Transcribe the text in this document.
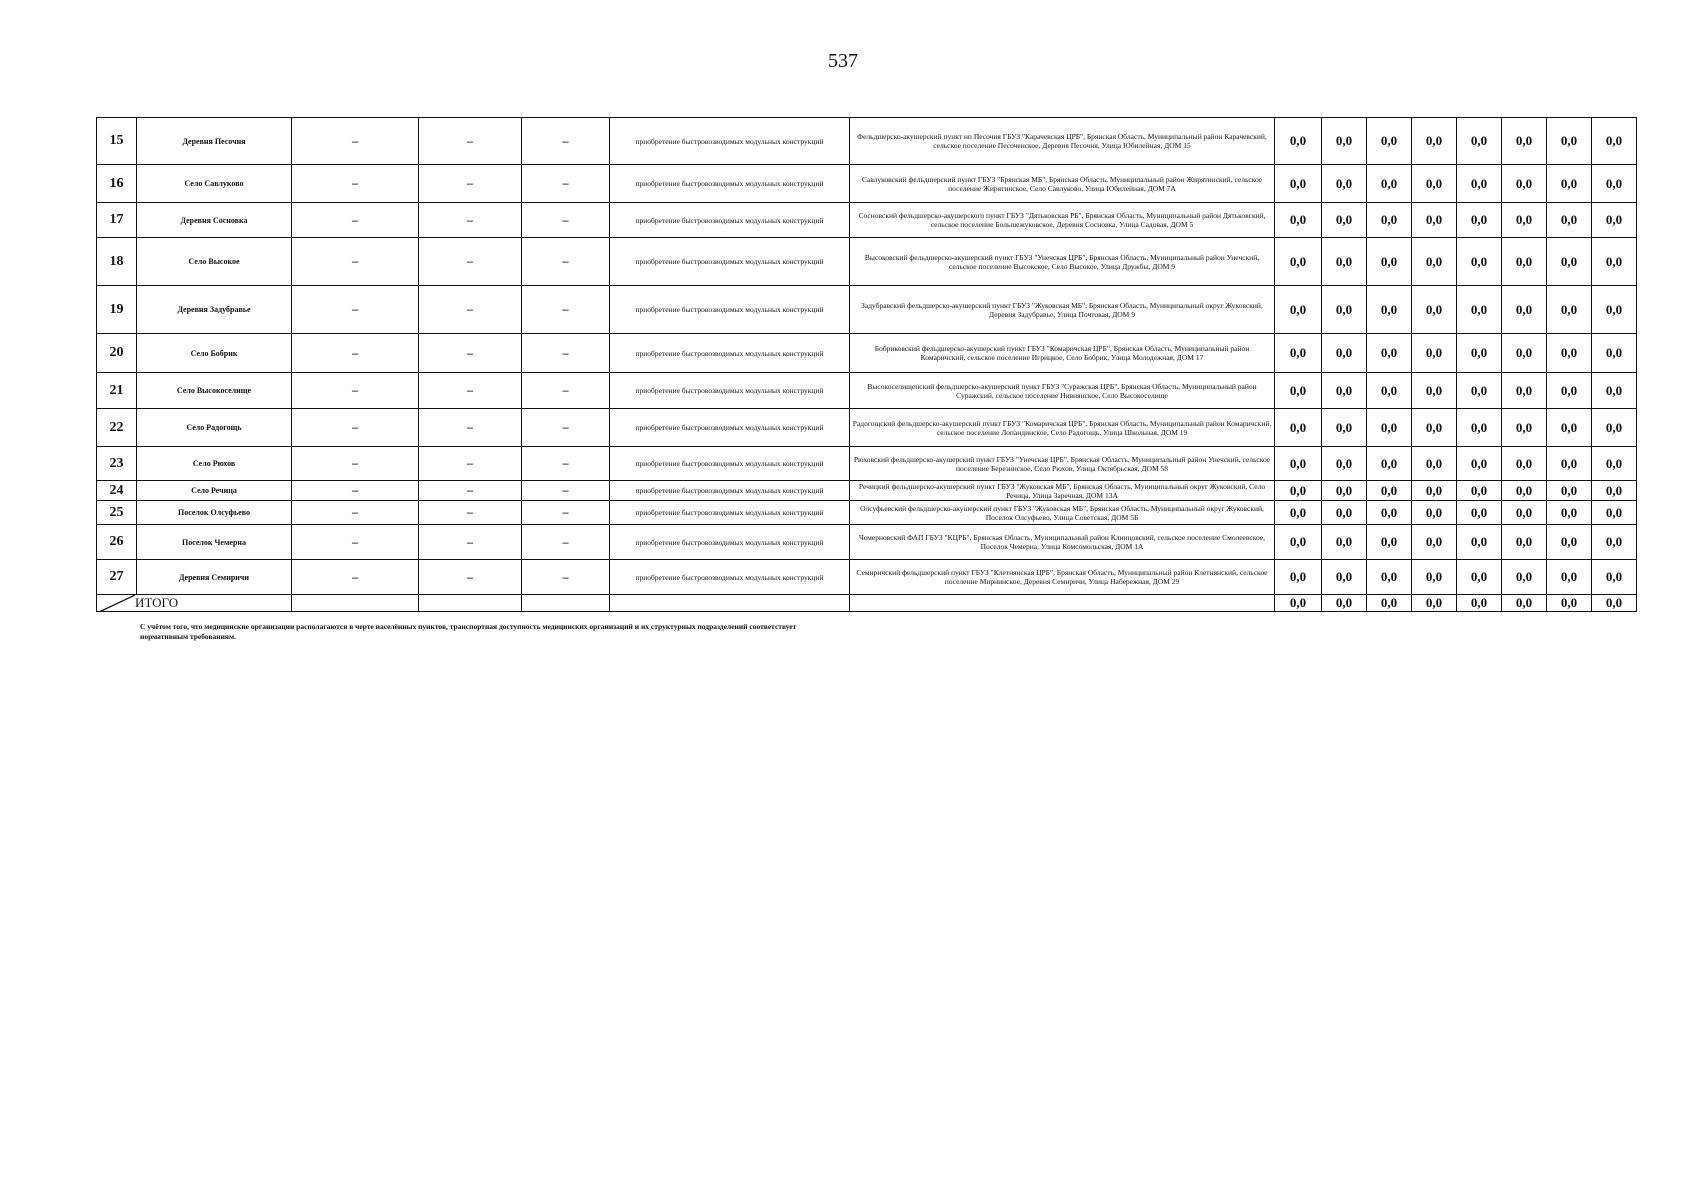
537
15	Деревня Песочня	–	–	–	приобретение быстровозводимых модульных конструкций	Фельдшерско-акушерский пункт нп Песочня ГБУЗ "Карачевская ЦРБ", Брянская Область, Муниципальный район Карачевский, сельское поселение Песоченское, Деревня Песочня, Улица Юбилейная, ДОМ 15	0,0	0,0	0,0	0,0	0,0	0,0	0,0	0,0
16	Село Савлуково	–	–	–	приобретение быстровозводимых модульных конструкций	Савлуковский фельдшерский пункт ГБУЗ "Брянская МБ", Брянская Область, Муниципальный район Жирятинский, сельское поселение Жирятинское, Село Савлуково, Улица Юбилейная, ДОМ 7А	0,0	0,0	0,0	0,0	0,0	0,0	0,0	0,0
17	Деревня Сосновка	–	–	–	приобретение быстровозводимых модульных конструкций	Сосновский фельдшерско-акушерского пункт ГБУЗ "Дятьковская РБ", Брянская Область, Муниципальный район Дятьковский, сельское поселение Большежуковское, Деревня Сосновка, Улица Садовая, ДОМ 5	0,0	0,0	0,0	0,0	0,0	0,0	0,0	0,0
18	Село Высокое	–	–	–	приобретение быстровозводимых модульных конструкций	Высоковский фельдшерско-акушерский пункт ГБУЗ "Унечская ЦРБ", Брянская Область, Муниципальный район Унечский, сельское поселение Высокское, Село Высокое, Улица Дружбы, ДОМ 9	0,0	0,0	0,0	0,0	0,0	0,0	0,0	0,0
19	Деревня Задубравье	–	–	–	приобретение быстровозводимых модульных конструкций	Задубравский фельдшерско-акушерский пункт ГБУЗ "Жуковская МБ", Брянская Область, Муниципальный округ Жуковский, Деревня Задубравье, Улица Почтовая, ДОМ 9	0,0	0,0	0,0	0,0	0,0	0,0	0,0	0,0
20	Село Бобрик	–	–	–	приобретение быстровозводимых модульных конструкций	Бобриковский фельдшерско-акушерский пункт ГБУЗ "Комаричская ЦРБ", Брянская Область, Муниципальный район Комаричский, сельское поселение Игрицкое, Село Бобрик, Улица Молодежная, ДОМ 17	0,0	0,0	0,0	0,0	0,0	0,0	0,0	0,0
21	Село Высокоселище	–	–	–	приобретение быстровозводимых модульных конструкций	Высокоселищенский фельдшерско-акушерский пункт ГБУЗ "Суражская ЦРБ", Брянская Область, Муниципальный район Суражский, сельское поселение Нивнянское, Село Высокоселище	0,0	0,0	0,0	0,0	0,0	0,0	0,0	0,0
22	Село Радогощь	–	–	–	приобретение быстровозводимых модульных конструкций	Радогощский фельдшерско-акушерский пункт ГБУЗ "Комаричская ЦРБ", Брянская Область, Муниципальный район Комаричский, сельское поселение Лопандинское, Село Радогощь, Улица Школьная, ДОМ 19	0,0	0,0	0,0	0,0	0,0	0,0	0,0	0,0
23	Село Рюхов	–	–	–	приобретение быстровозводимых модульных конструкций	Рюховский фельдшерско-акушерский пункт ГБУЗ "Унечская ЦРБ", Брянская Область, Муниципальный район Унечский, сельское поселение Березинское, Село Рюхов, Улица Октябрьская, ДОМ 58	0,0	0,0	0,0	0,0	0,0	0,0	0,0	0,0
24	Село Речица	–	–	–	приобретение быстровозводимых модульных конструкций	Речицкий фельдшерско-акушерский пункт ГБУЗ "Жуковская МБ", Брянская Область, Муниципальный округ Жуковский, Село Речица, Улица Заречная, ДОМ 13А	0,0	0,0	0,0	0,0	0,0	0,0	0,0	0,0
25	Поселок Олсуфьево	–	–	–	приобретение быстровозводимых модульных конструкций	Олсуфьевский фельдшерско-акушерский пункт ГБУЗ "Жуковская МБ", Брянская Область, Муниципальный округ Жуковский, Поселок Олсуфьево, Улица Советская, ДОМ 5Б	0,0	0,0	0,0	0,0	0,0	0,0	0,0	0,0
26	Поселок Чемерна	–	–	–	приобретение быстровозводимых модульных конструкций	Чемерновский ФАП ГБУЗ "КЦРБ", Брянская Область, Муниципальный район Клинцовский, сельское поселение Смолеевское, Поселок Чемерна, Улица Комсомольская, ДОМ 1А	0,0	0,0	0,0	0,0	0,0	0,0	0,0	0,0
27	Деревня Семиричи	–	–	–	приобретение быстровозводимых модульных конструкций	Семиричский фельдшерский пункт ГБУЗ "Клетнянская ЦРБ", Брянская Область, Муниципальный район Клетнянский, сельское поселение Мирнинское, Деревня Семиричи, Улица Набережная, ДОМ 29	0,0	0,0	0,0	0,0	0,0	0,0	0,0	0,0

ИТОГО							0,0	0,0	0,0	0,0	0,0	0,0	0,0	0,0
С учётом того, что медицинские организации располагаются в черте населённых пунктов, транспортная доступность медицинских организаций и их структурных подразделений соответствует нормативным требованиям.
